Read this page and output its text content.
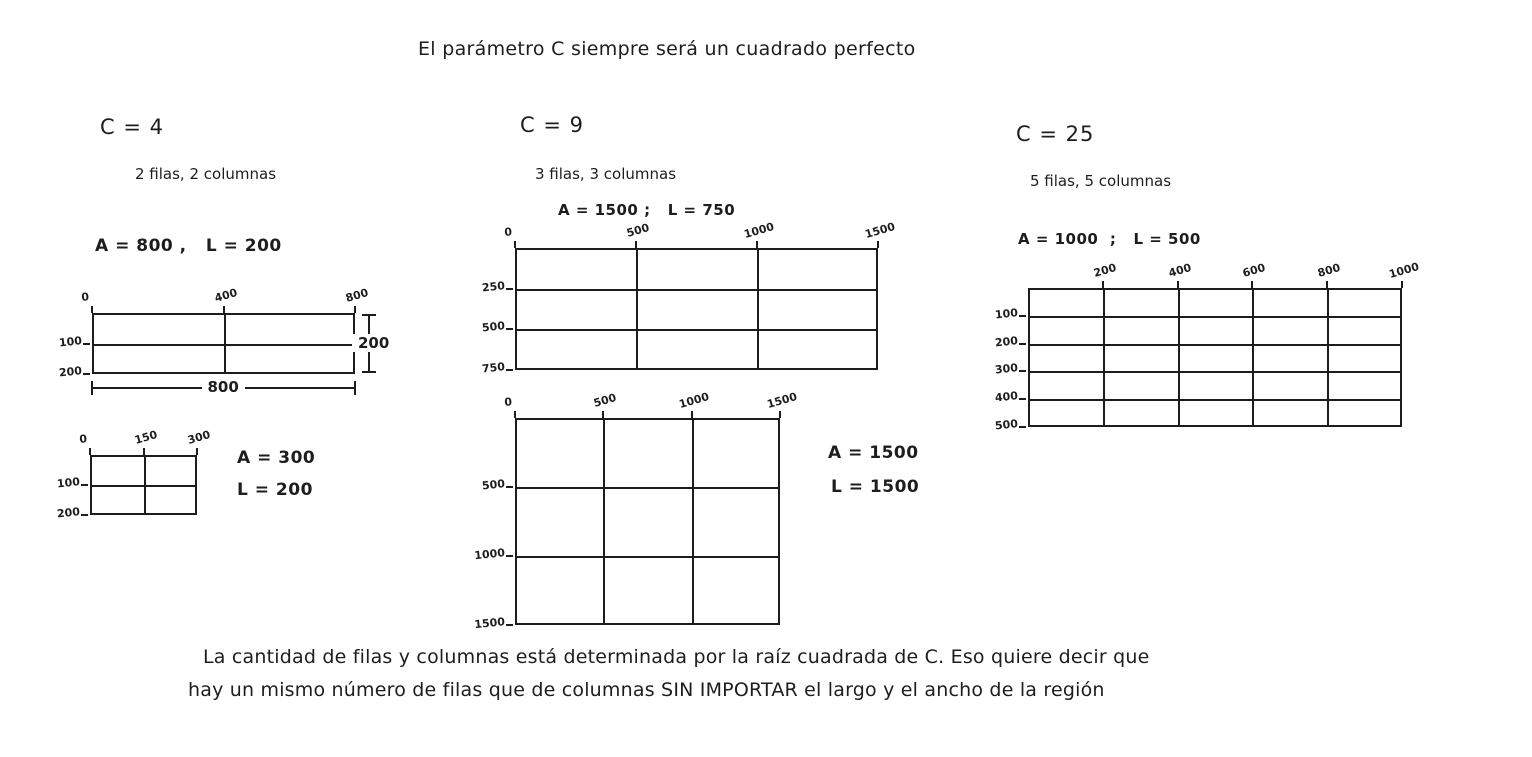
El parámetro C siempre será un cuadrado perfecto
C = 4
2 filas, 2 columnas
A = 800 ,   L = 200
A = 300
L = 200
C = 9
3 filas, 3 columnas
A = 1500 ;   L = 750
A = 1500
L = 1500
C = 25
5 filas, 5 columnas
A = 1000  ;   L = 500
La cantidad de filas y columnas está determinada por la raíz cuadrada de C. Eso quiere decir que
hay un mismo número de filas que de columnas SIN IMPORTAR el largo y el ancho de la región
0	400	800
100
200
800
200
0	150	300
100
200
0	500	1000	1500
250
500
750
0	500	1000	1500
500
1000
1500
200	400	600	800	1000
100
200
300
400
500
